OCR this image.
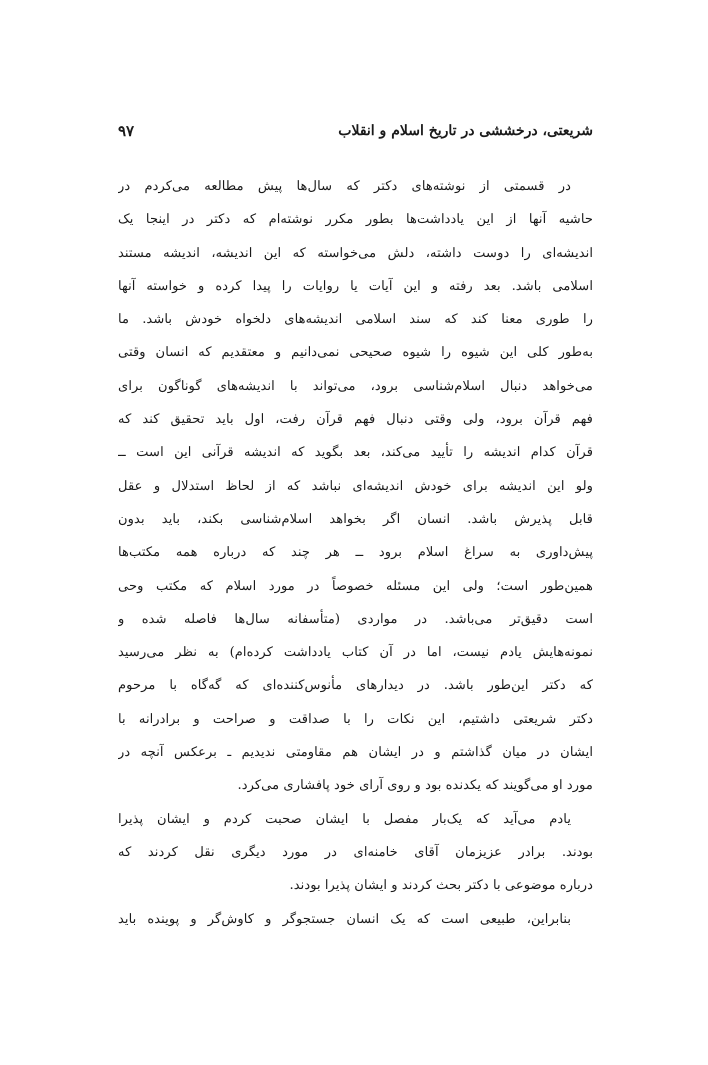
شریعتی، درخششی در تاریخ اسلام و انقلاب
۹۷
در قسمتی از نوشته‌های دکتر که سال‌ها پیش مطالعه می‌کردم در
حاشیه آنها از این یادداشت‌ها بطور مکرر نوشته‌ام که دکتر در اینجا یک
اندیشه‌ای را دوست داشته، دلش می‌خواسته که این اندیشه، اندیشه مستند
اسلامی باشد. بعد رفته و این آیات یا روایات را پیدا کرده و خواسته آنها
را طوری معنا کند که سند اسلامی اندیشه‌های دلخواه خودش باشد. ما
به‌طور کلی این شیوه را شیوه صحیحی نمی‌دانیم و معتقدیم که انسان وقتی
می‌خواهد دنبال اسلام‌شناسی برود، می‌تواند با اندیشه‌های گوناگون برای
فهم قرآن برود، ولی وقتی دنبال فهم قرآن رفت، اول باید تحقیق کند که
قرآن کدام اندیشه را تأیید می‌کند، بعد بگوید که اندیشه قرآنی این است ــ
ولو این اندیشه برای خودش اندیشه‌ای نباشد که از لحاظ استدلال و عقل
قابل پذیرش باشد. انسان اگر بخواهد اسلام‌شناسی بکند، باید بدون
پیش‌داوری به سراغ اسلام برود ــ هر چند که درباره همه مکتب‌ها
همین‌طور است؛ ولی این مسئله خصوصاً در مورد اسلام که مکتب وحی
است دقیق‌تر می‌باشد. در مواردی (متأسفانه سال‌ها فاصله شده و
نمونه‌هایش یادم نیست، اما در آن کتاب یادداشت کرده‌ام) به نظر می‌رسید
که دکتر این‌طور باشد. در دیدارهای مأنوس‌کننده‌ای که گه‌گاه با مرحوم
دکتر شریعتی داشتیم، این نکات را با صداقت و صراحت و برادرانه با
ایشان در میان گذاشتم و در ایشان هم مقاومتی ندیدیم ـ برعکس آنچه در
مورد او می‌گویند که یکدنده بود و روی آرای خود پافشاری می‌کرد.
یادم می‌آید که یک‌بار مفصل با ایشان صحبت کردم و ایشان پذیرا
بودند. برادر عزیزمان آقای خامنه‌ای در مورد دیگری نقل کردند که
درباره موضوعی با دکتر بحث کردند و ایشان پذیرا بودند.
بنابراین، طبیعی است که یک انسان جستجوگر و کاوش‌گر و پوینده باید
